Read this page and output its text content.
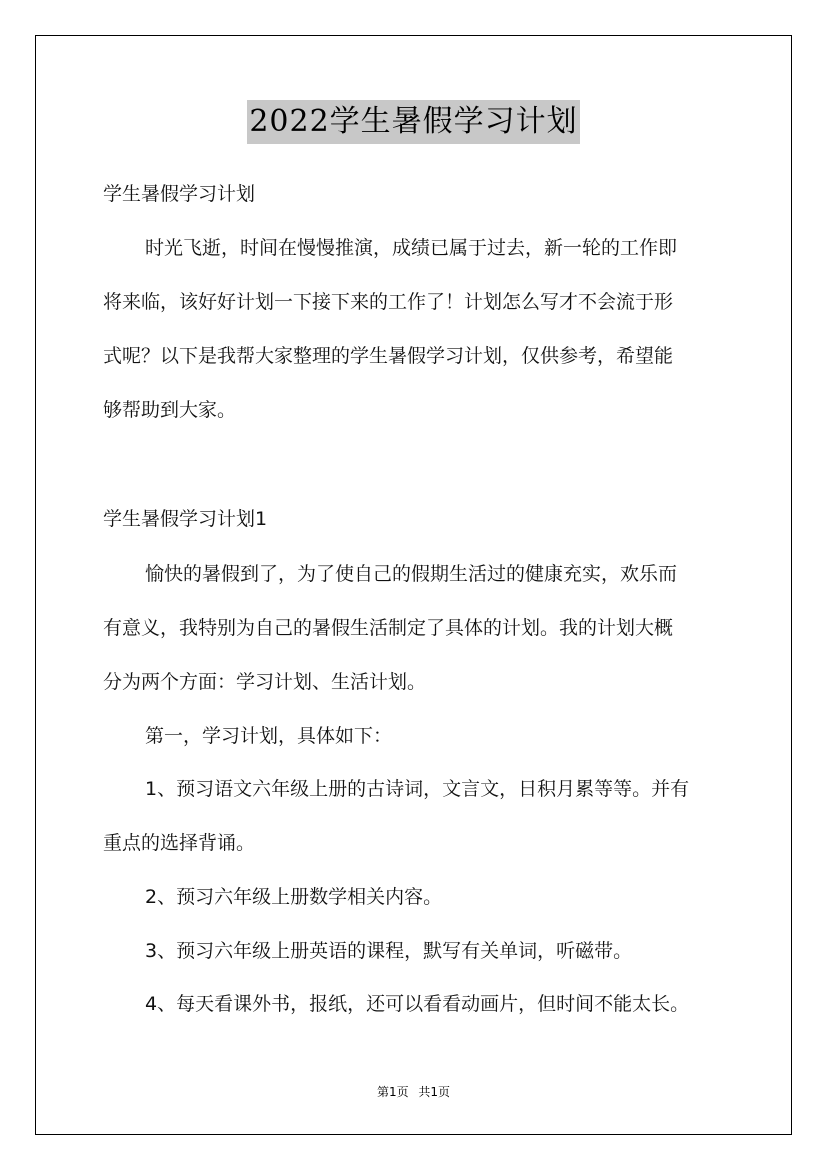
2022学生暑假学习计划
学生暑假学习计划
时光飞逝，时间在慢慢推演，成绩已属于过去，新一轮的工作即
将来临，该好好计划一下接下来的工作了！计划怎么写才不会流于形
式呢？以下是我帮大家整理的学生暑假学习计划，仅供参考，希望能
够帮助到大家。
学生暑假学习计划1
愉快的暑假到了，为了使自己的假期生活过的健康充实，欢乐而
有意义，我特别为自己的暑假生活制定了具体的计划。我的计划大概
分为两个方面：学习计划、生活计划。
第一，学习计划，具体如下：
1、预习语文六年级上册的古诗词，文言文，日积月累等等。并有
重点的选择背诵。
2、预习六年级上册数学相关内容。
3、预习六年级上册英语的课程，默写有关单词，听磁带。
4、每天看课外书，报纸，还可以看看动画片，但时间不能太长。
第1页 共1页
